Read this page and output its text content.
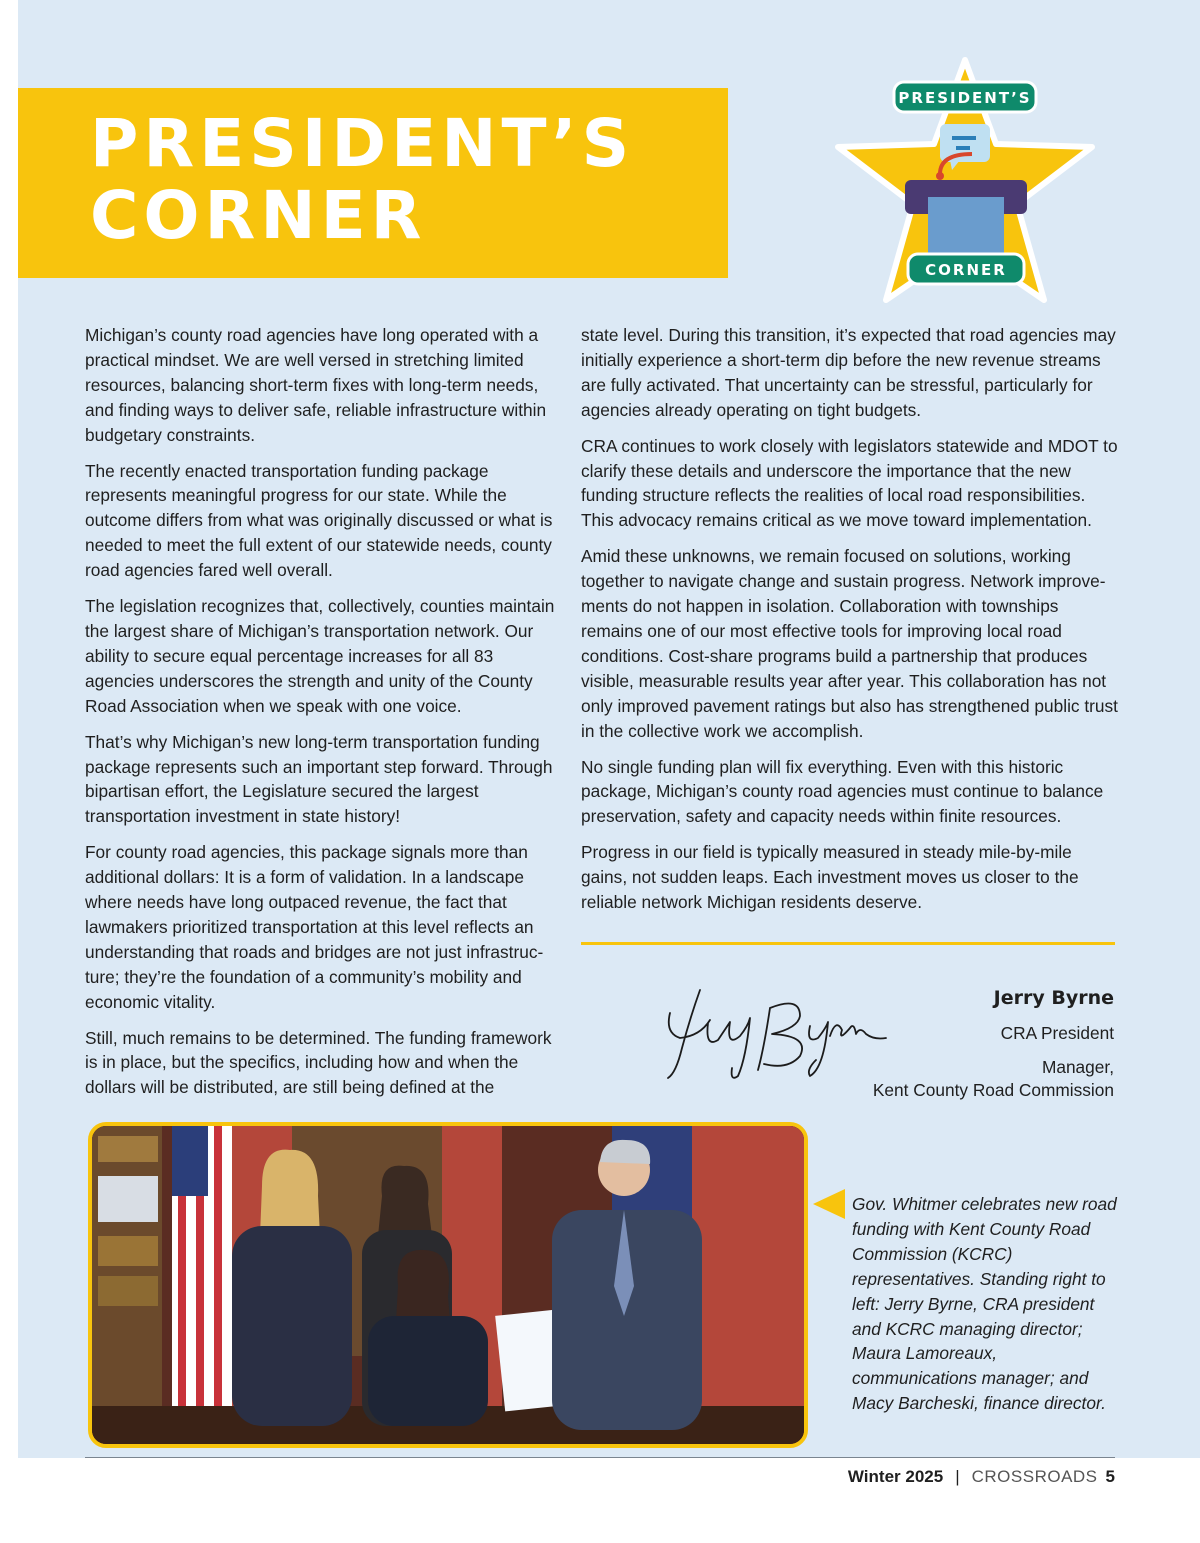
PRESIDENT’S
CORNER
PRESIDENT’S
CORNER

Michigan’s county road agencies have long operated with a practical mindset. We are well versed in stretching limited resources, balancing short-term fixes with long-term needs, and finding ways to deliver safe, reliable infrastructure within budgetary constraints.

The recently enacted transportation funding package represents meaningful progress for our state. While the outcome differs from what was originally discussed or what is needed to meet the full extent of our statewide needs, county road agencies fared well overall.

The legislation recognizes that, collectively, counties maintain the largest share of Michigan’s transportation network. Our ability to secure equal percentage increases for all 83 agencies underscores the strength and unity of the County Road Association when we speak with one voice.

That’s why Michigan’s new long-term transportation funding package represents such an important step forward. Through bipartisan effort, the Legislature secured the largest transportation investment in state history!

For county road agencies, this package signals more than additional dollars: It is a form of validation. In a landscape where needs have long outpaced revenue, the fact that lawmakers prioritized transportation at this level reflects an understanding that roads and bridges are not just infrastructure; they’re the foundation of a community’s mobility and economic vitality.

Still, much remains to be determined. The funding framework is in place, but the specifics, including how and when the dollars will be distributed, are still being defined at the

state level. During this transition, it’s expected that road agencies may initially experience a short-term dip before the new revenue streams are fully activated. That uncertainty can be stressful, particularly for agencies already operating on tight budgets.

CRA continues to work closely with legislators statewide and MDOT to clarify these details and underscore the importance that the new funding structure reflects the realities of local road responsibilities. This advocacy remains critical as we move toward implementation.

Amid these unknowns, we remain focused on solutions, working together to navigate change and sustain progress. Network improvements do not happen in isolation. Collaboration with townships remains one of our most effective tools for improving local road conditions. Cost-share programs build a partnership that produces visible, measurable results year after year. This collaboration has not only improved pavement ratings but also has strengthened public trust in the collective work we accomplish.

No single funding plan will fix everything. Even with this historic package, Michigan’s county road agencies must continue to balance preservation, safety and capacity needs within finite resources.

Progress in our field is typically measured in steady mile-by-mile gains, not sudden leaps. Each investment moves us closer to the reliable network Michigan residents deserve.

Jerry Byrne

CRA President

Manager,

Kent County Road Commission

Gov. Whitmer celebrates new road funding with Kent County Road Commission (KCRC) representatives. Standing right to left: Jerry Byrne, CRA president and KCRC managing director; Maura Lamoreaux, communications manager; and Macy Barcheski, finance director.

Winter 2025 | CROSSROADS 5
